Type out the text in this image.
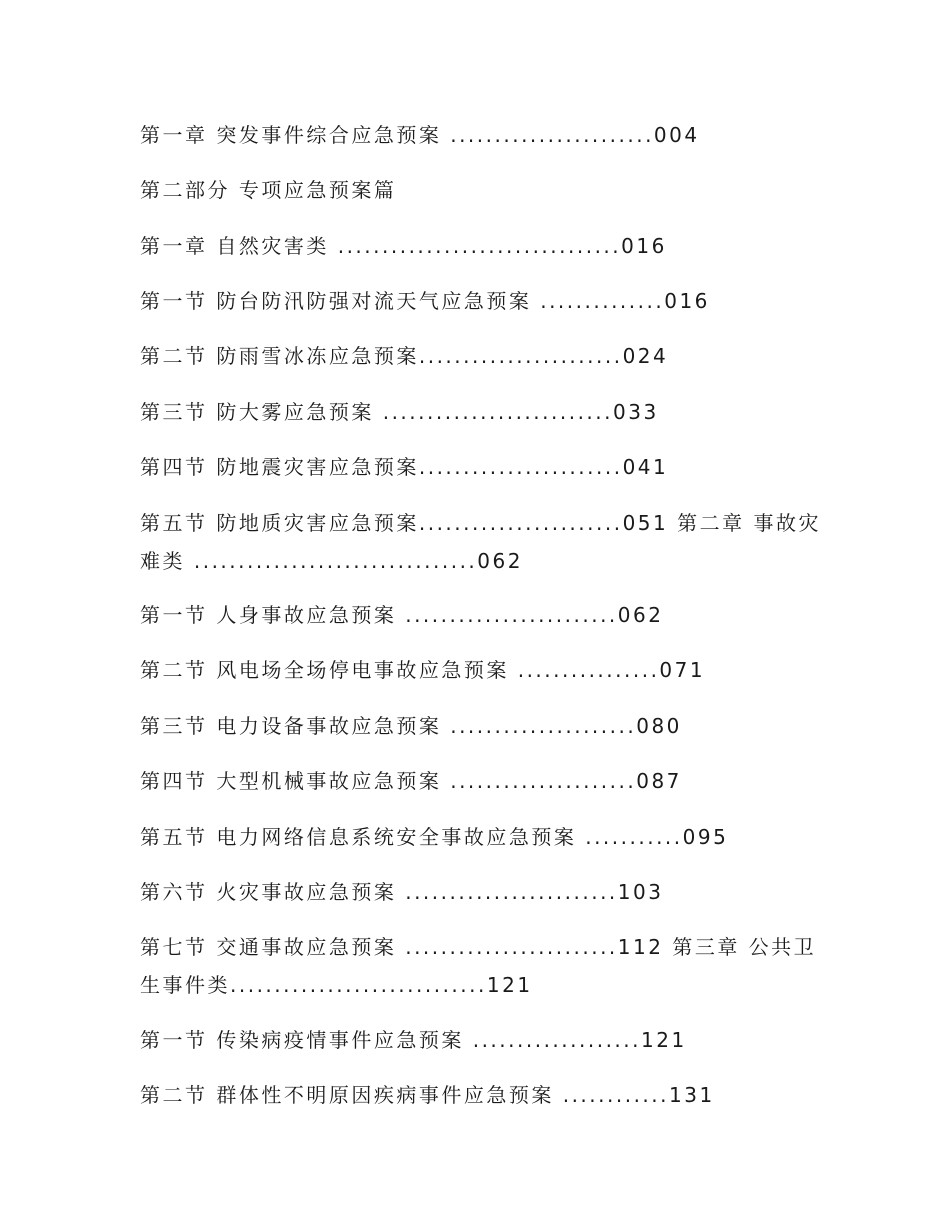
第一章 突发事件综合应急预案 .......................004
第二部分 专项应急预案篇
第一章 自然灾害类 ................................016
第一节 防台防汛防强对流天气应急预案 ..............016
第二节 防雨雪冰冻应急预案.......................024
第三节 防大雾应急预案 ..........................033
第四节 防地震灾害应急预案.......................041
第五节 防地质灾害应急预案.......................051 第二章 事故灾难类 ................................062
第一节 人身事故应急预案 ........................062
第二节 风电场全场停电事故应急预案 ................071
第三节 电力设备事故应急预案 .....................080
第四节 大型机械事故应急预案 .....................087
第五节 电力网络信息系统安全事故应急预案 ...........095
第六节 火灾事故应急预案 ........................103
第七节 交通事故应急预案 ........................112 第三章 公共卫生事件类.............................121
第一节 传染病疫情事件应急预案 ...................121
第二节 群体性不明原因疾病事件应急预案 ............131
